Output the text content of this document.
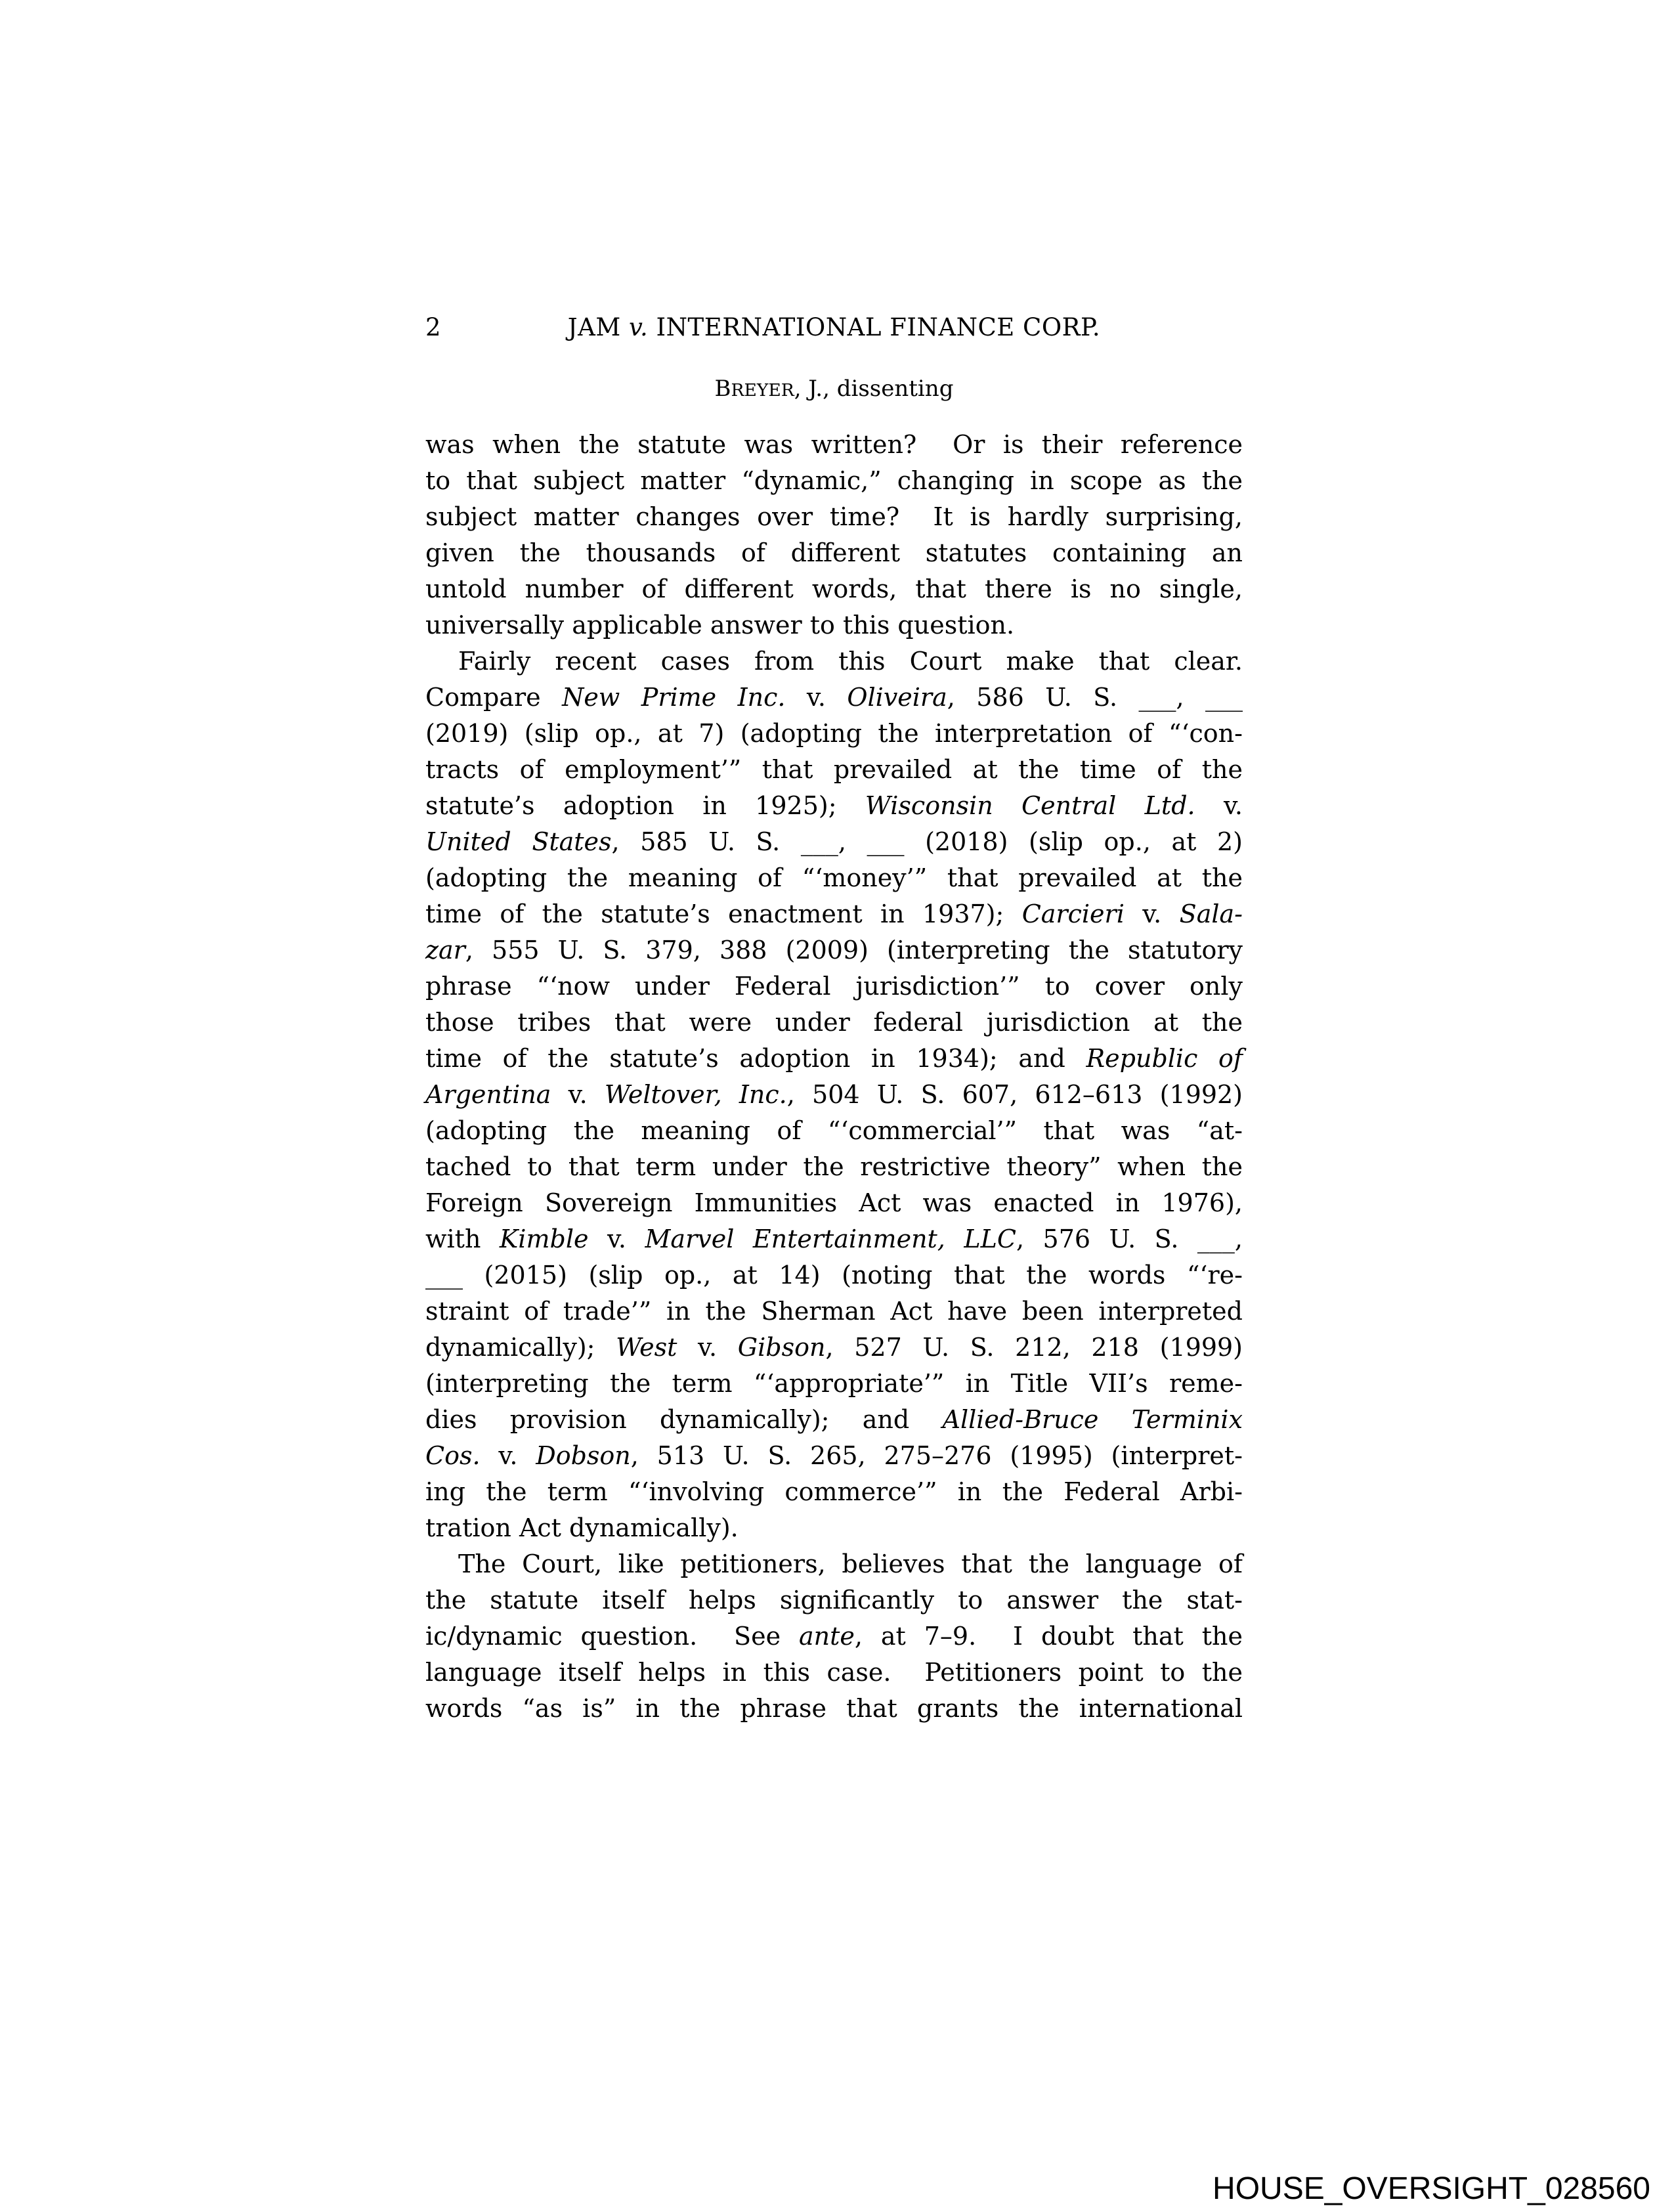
2	JAM v. INTERNATIONAL FINANCE CORP.
BREYER, J., dissenting
was when the statute was written?  Or is their reference
to that subject matter “dynamic,” changing in scope as the
subject matter changes over time?  It is hardly surprising,
given the thousands of different statutes containing an
untold number of different words, that there is no single,
universally applicable answer to this question.
Fairly recent cases from this Court make that clear.
Compare New Prime Inc. v. Oliveira, 586 U. S. ___, ___
(2019) (slip op., at 7) (adopting the interpretation of “‘con-
tracts of employment’” that prevailed at the time of the
statute’s adoption in 1925); Wisconsin Central Ltd. v.
United States, 585 U. S. ___, ___ (2018) (slip op., at 2)
(adopting the meaning of “‘money’” that prevailed at the
time of the statute’s enactment in 1937); Carcieri v. Sala-
zar, 555 U. S. 379, 388 (2009) (interpreting the statutory
phrase “‘now under Federal jurisdiction’” to cover only
those tribes that were under federal jurisdiction at the
time of the statute’s adoption in 1934); and Republic of
Argentina v. Weltover, Inc., 504 U. S. 607, 612–613 (1992)
(adopting the meaning of “‘commercial’” that was “at-
tached to that term under the restrictive theory” when the
Foreign Sovereign Immunities Act was enacted in 1976),
with Kimble v. Marvel Entertainment, LLC, 576 U. S. ___,
___ (2015) (slip op., at 14) (noting that the words “‘re-
straint of trade’” in the Sherman Act have been interpreted
dynamically); West v. Gibson, 527 U. S. 212, 218 (1999)
(interpreting the term “‘appropriate’” in Title VII’s reme-
dies provision dynamically); and Allied-Bruce Terminix
Cos. v. Dobson, 513 U. S. 265, 275–276 (1995) (interpret-
ing the term “‘involving commerce’” in the Federal Arbi-
tration Act dynamically).
The Court, like petitioners, believes that the language of
the statute itself helps significantly to answer the stat-
ic/dynamic question.  See ante, at 7–9.  I doubt that the
language itself helps in this case.  Petitioners point to the
words “as is” in the phrase that grants the international
HOUSE_OVERSIGHT_028560
